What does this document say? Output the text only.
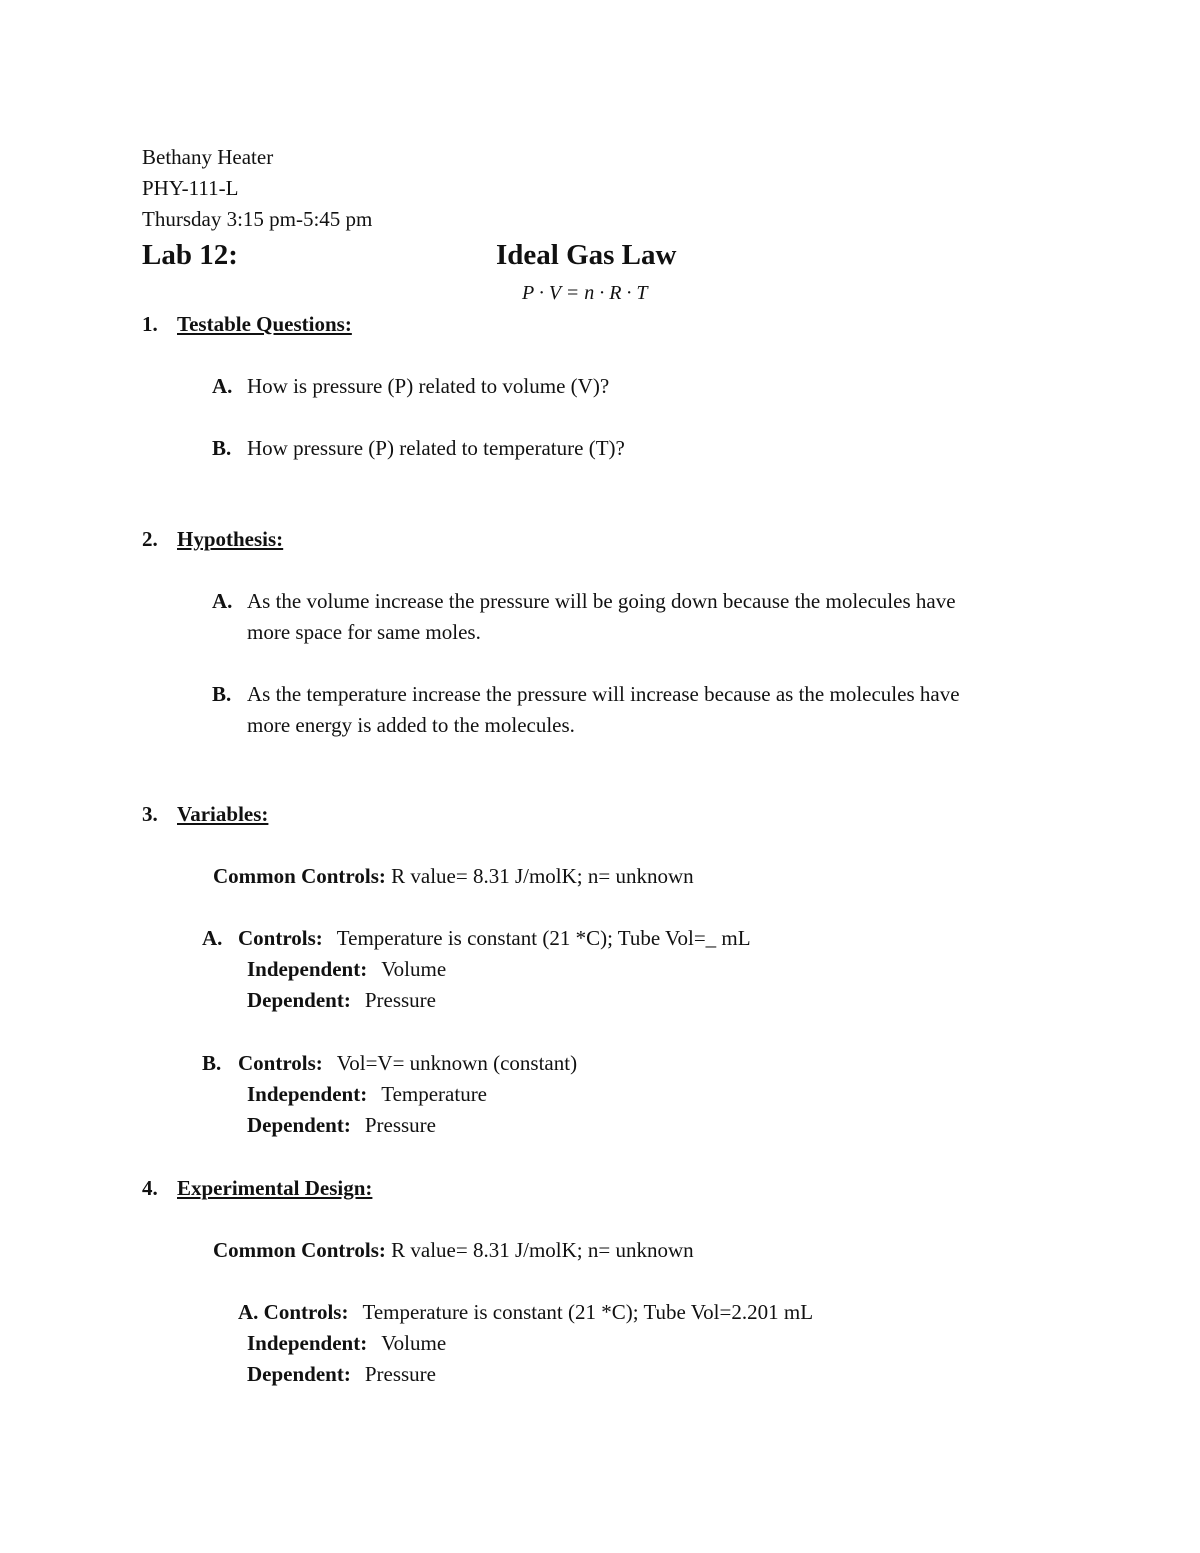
Bethany Heater
PHY-111-L
Thursday 3:15 pm-5:45 pm
Lab 12:	Ideal Gas Law
P · V = n · R · T
1. Testable Questions:
A. How is pressure (P) related to volume (V)?
B. How pressure (P) related to temperature (T)?
2. Hypothesis:
A. As the volume increase the pressure will be going down because the molecules have
more space for same moles.
B. As the temperature increase the pressure will increase because as the molecules have
more energy is added to the molecules.
3. Variables:
Common Controls: R value= 8.31 J/molK; n= unknown
A. Controls: Temperature is constant (21 *C); Tube Vol=_ mL
Independent: Volume
Dependent: Pressure
B. Controls: Vol=V= unknown (constant)
Independent: Temperature
Dependent: Pressure
4. Experimental Design:
Common Controls: R value= 8.31 J/molK; n= unknown
A. Controls: Temperature is constant (21 *C); Tube Vol=2.201 mL
Independent: Volume
Dependent: Pressure
